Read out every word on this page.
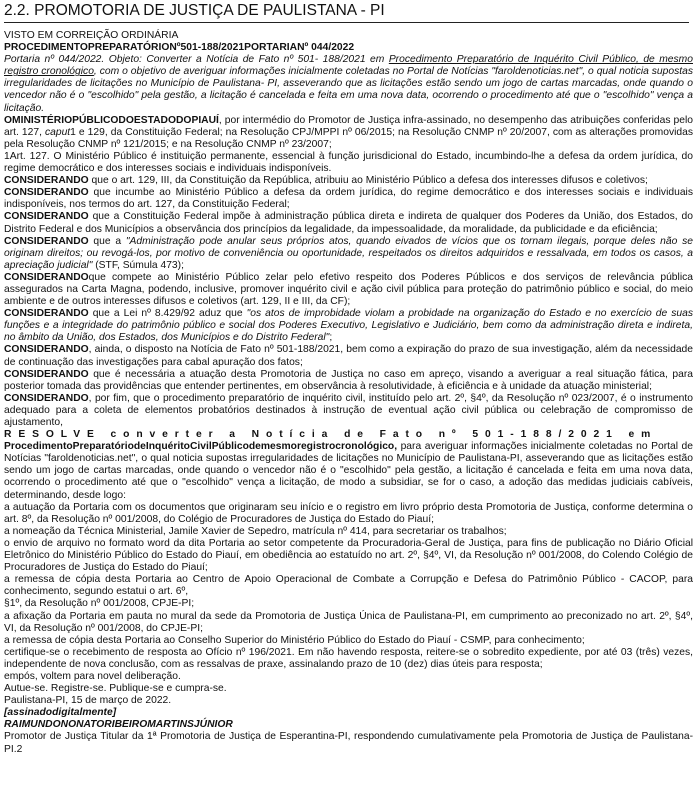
2.2. PROMOTORIA DE JUSTIÇA DE PAULISTANA - PI

VISTO EM CORREIÇÃO ORDINÁRIA

PROCEDIMENTOPREPARATÓRIONº501-188/2021PORTARIANº 044/2022

Portaria nº 044/2022. Objeto: Converter a Notícia de Fato nº 501- 188/2021 em Procedimento Preparatório de Inquérito Civil Público, de mesmo registro cronológico, com o objetivo de averiguar informações inicialmente coletadas no Portal de Notícias "faroldenoticias.net", o qual noticia supostas irregularidades de licitações no Município de Paulistana- PI, asseverando que as licitações estão sendo um jogo de cartas marcadas, onde quando o vencedor não é o "escolhido" pela gestão, a licitação é cancelada e feita em uma nova data, ocorrendo o procedimento até que o "escolhido" vença a licitação.

OMINISTÉRIOPÚBLICODOESTADODOPIAUÍ, por intermédio do Promotor de Justiça infra-assinado, no desempenho das atribuições conferidas pelo art. 127, caput1 e 129, da Constituição Federal; na Resolução CPJ/MPPI nº 06/2015; na Resolução CNMP nº 20/2007, com as alterações promovidas pela Resolução CNMP nº 121/2015; e na Resolução CNMP nº 23/2007;

1Art. 127. O Ministério Público é instituição permanente, essencial à função jurisdicional do Estado, incumbindo-lhe a defesa da ordem jurídica, do regime democrático e dos interesses sociais e individuais indisponíveis.

CONSIDERANDO que o art. 129, III, da Constituição da República, atribuiu ao Ministério Público a defesa dos interesses difusos e coletivos;

CONSIDERANDO que incumbe ao Ministério Público a defesa da ordem jurídica, do regime democrático e dos interesses sociais e individuais indisponíveis, nos termos do art. 127, da Constituição Federal;

CONSIDERANDO que a Constituição Federal impõe à administração pública direta e indireta de qualquer dos Poderes da União, dos Estados, do Distrito Federal e dos Municípios a observância dos princípios da legalidade, da impessoalidade, da moralidade, da publicidade e da eficiência;

CONSIDERANDO que a "Administração pode anular seus próprios atos, quando eivados de vícios que os tornam ilegais, porque deles não se originam direitos; ou revogá-los, por motivo de conveniência ou oportunidade, respeitados os direitos adquiridos e ressalvada, em todos os casos, a apreciação judicial" (STF, Súmula 473);

CONSIDERANDOque compete ao Ministério Público zelar pelo efetivo respeito dos Poderes Públicos e dos serviços de relevância pública assegurados na Carta Magna, podendo, inclusive, promover inquérito civil e ação civil pública para proteção do patrimônio público e social, do meio ambiente e de outros interesses difusos e coletivos (art. 129, II e III, da CF);

CONSIDERANDO que a Lei nº 8.429/92 aduz que "os atos de improbidade violam a probidade na organização do Estado e no exercício de suas funções e a integridade do patrimônio público e social dos Poderes Executivo, Legislativo e Judiciário, bem como da administração direta e indireta, no âmbito da União, dos Estados, dos Municípios e do Distrito Federal";

CONSIDERANDO, ainda, o disposto na Notícia de Fato nº 501-188/2021, bem como a expiração do prazo de sua investigação, além da necessidade de continuação das investigações para cabal apuração dos fatos;

CONSIDERANDO que é necessária a atuação desta Promotoria de Justiça no caso em apreço, visando a averiguar a real situação fática, para posterior tomada das providências que entender pertinentes, em observância à resolutividade, à eficiência e à unidade da atuação ministerial;

CONSIDERANDO, por fim, que o procedimento preparatório de inquérito civil, instituído pelo art. 2º, §4º, da Resolução nº 023/2007, é o instrumento adequado para a coleta de elementos probatórios destinados à instrução de eventual ação civil pública ou celebração de compromisso de ajustamento,

RESOLVE converter a Notícia de Fato nº 501-188/2021 em

ProcedimentoPreparatóriodeInquéritoCivilPúblicodemesmoregistrocronológico, para averiguar informações inicialmente coletadas no Portal de Notícias "faroldenoticias.net", o qual noticia supostas irregularidades de licitações no Município de Paulistana-PI, asseverando que as licitações estão sendo um jogo de cartas marcadas, onde quando o vencedor não é o "escolhido" pela gestão, a licitação é cancelada e feita em uma nova data, ocorrendo o procedimento até que o "escolhido" vença a licitação, de modo a subsidiar, se for o caso, a adoção das medidas judiciais cabíveis, determinando, desde logo:

a autuação da Portaria com os documentos que originaram seu início e o registro em livro próprio desta Promotoria de Justiça, conforme determina o art. 8º, da Resolução nº 001/2008, do Colégio de Procuradores de Justiça do Estado do Piauí;

a nomeação da Técnica Ministerial, Jamile Xavier de Sepedro, matrícula nº 414, para secretariar os trabalhos;

o envio de arquivo no formato word da dita Portaria ao setor competente da Procuradoria-Geral de Justiça, para fins de publicação no Diário Oficial Eletrônico do Ministério Público do Estado do Piauí, em obediência ao estatuído no art. 2º, §4º, VI, da Resolução nº 001/2008, do Colendo Colégio de Procuradores de Justiça do Estado do Piauí;

a remessa de cópia desta Portaria ao Centro de Apoio Operacional de Combate a Corrupção e Defesa do Patrimônio Público - CACOP, para conhecimento, segundo estatui o art. 6º,

§1º, da Resolução nº 001/2008, CPJE-PI;

a afixação da Portaria em pauta no mural da sede da Promotoria de Justiça Única de Paulistana-PI, em cumprimento ao preconizado no art. 2º, §4º, VI, da Resolução nº 001/2008, do CPJE-PI;

a remessa de cópia desta Portaria ao Conselho Superior do Ministério Público do Estado do Piauí - CSMP, para conhecimento;

certifique-se o recebimento de resposta ao Ofício nº 196/2021. Em não havendo resposta, reitere-se o sobredito expediente, por até 03 (três) vezes, independente de nova conclusão, com as ressalvas de praxe, assinalando prazo de 10 (dez) dias úteis para resposta;

empós, voltem para novel deliberação.

Autue-se. Registre-se. Publique-se e cumpra-se.

Paulistana-PI, 15 de março de 2022.

[assinadodigitalmente]

RAIMUNDONONATORIBEIROMARTINSJÚNIOR

Promotor de Justiça Titular da 1ª Promotoria de Justiça de Esperantina-PI, respondendo cumulativamente pela Promotoria de Justiça de Paulistana-PI.2
